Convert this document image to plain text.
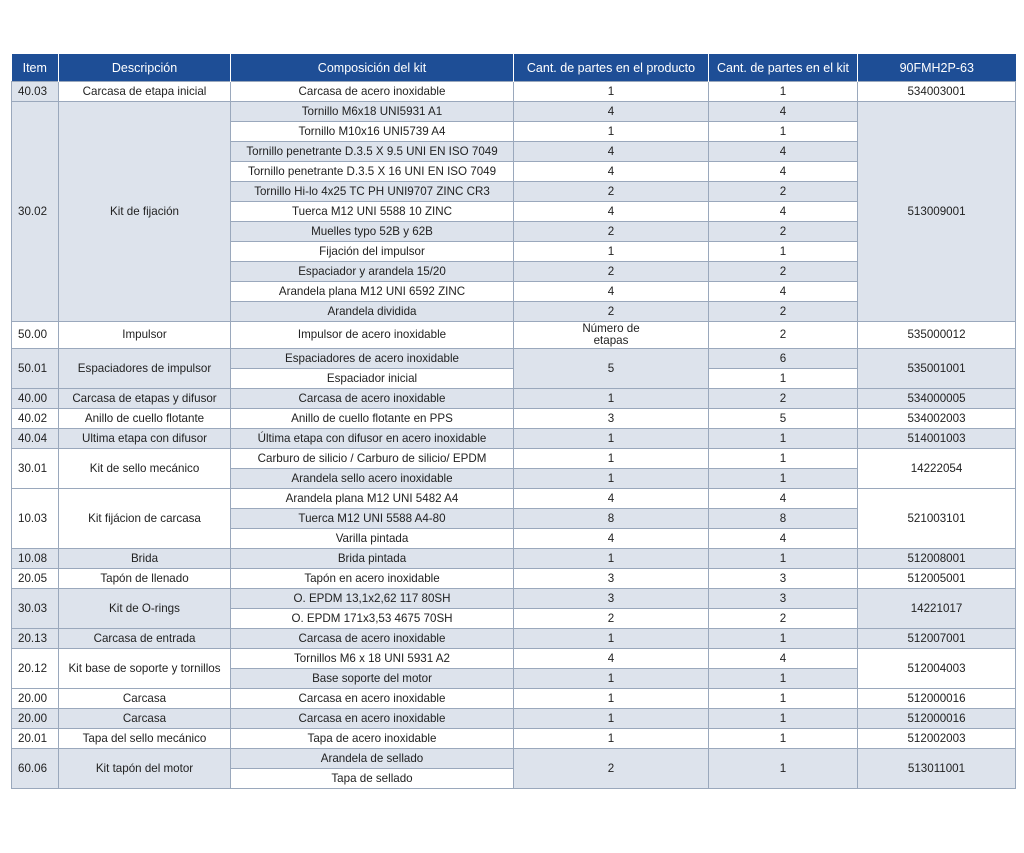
Item	Descripción	Composición del kit	Cant. de partes en el producto	Cant. de partes en el kit	90FMH2P-63
40.03	Carcasa de etapa inicial	Carcasa de acero inoxidable	1	1	534003001
30.02	Kit de fijación	Tornillo M6x18 UNI5931 A1	4	4	513009001
		Tornillo M10x16 UNI5739 A4	1	1	
		Tornillo penetrante D.3.5 X 9.5 UNI EN ISO 7049	4	4	
		Tornillo penetrante D.3.5 X 16 UNI EN ISO 7049	4	4	
		Tornillo Hi-lo 4x25 TC PH UNI9707 ZINC CR3	2	2	
		Tuerca M12 UNI 5588 10 ZINC	4	4	
		Muelles typo 52B y 62B	2	2	
		Fijación del impulsor	1	1	
		Espaciador y arandela 15/20	2	2	
		Arandela plana M12 UNI 6592 ZINC	4	4	
		Arandela dividida	2	2	
50.00	Impulsor	Impulsor de acero inoxidable	Número de etapas	2	535000012
50.01	Espaciadores de impulsor	Espaciadores de acero inoxidable	5	6	535001001
		Espaciador inicial		1	
40.00	Carcasa de etapas y difusor	Carcasa de acero inoxidable	1	2	534000005
40.02	Anillo de cuello flotante	Anillo de cuello flotante en PPS	3	5	534002003
40.04	Ultima etapa con difusor	Última etapa con difusor en acero inoxidable	1	1	514001003
30.01	Kit de sello mecánico	Carburo de silicio / Carburo de silicio/ EPDM	1	1	14222054
		Arandela sello acero inoxidable	1	1	
10.03	Kit fijácion de carcasa	Arandela plana M12 UNI 5482 A4	4	4	521003101
		Tuerca M12 UNI 5588 A4-80	8	8	
		Varilla pintada	4	4	
10.08	Brida	Brida pintada	1	1	512008001
20.05	Tapón de llenado	Tapón en acero inoxidable	3	3	512005001
30.03	Kit de O-rings	O. EPDM 13,1x2,62 117 80SH	3	3	14221017
		O. EPDM 171x3,53 4675 70SH	2	2	
20.13	Carcasa de entrada	Carcasa de acero inoxidable	1	1	512007001
20.12	Kit base de soporte y tornillos	Tornillos M6 x 18 UNI 5931 A2	4	4	512004003
		Base soporte del motor	1	1	
20.00	Carcasa	Carcasa en acero inoxidable	1	1	512000016
20.00	Carcasa	Carcasa en acero inoxidable	1	1	512000016
20.01	Tapa del sello mecánico	Tapa de acero inoxidable	1	1	512002003
60.06	Kit tapón del motor	Arandela de sellado	2	1	513011001
		Tapa de sellado			
